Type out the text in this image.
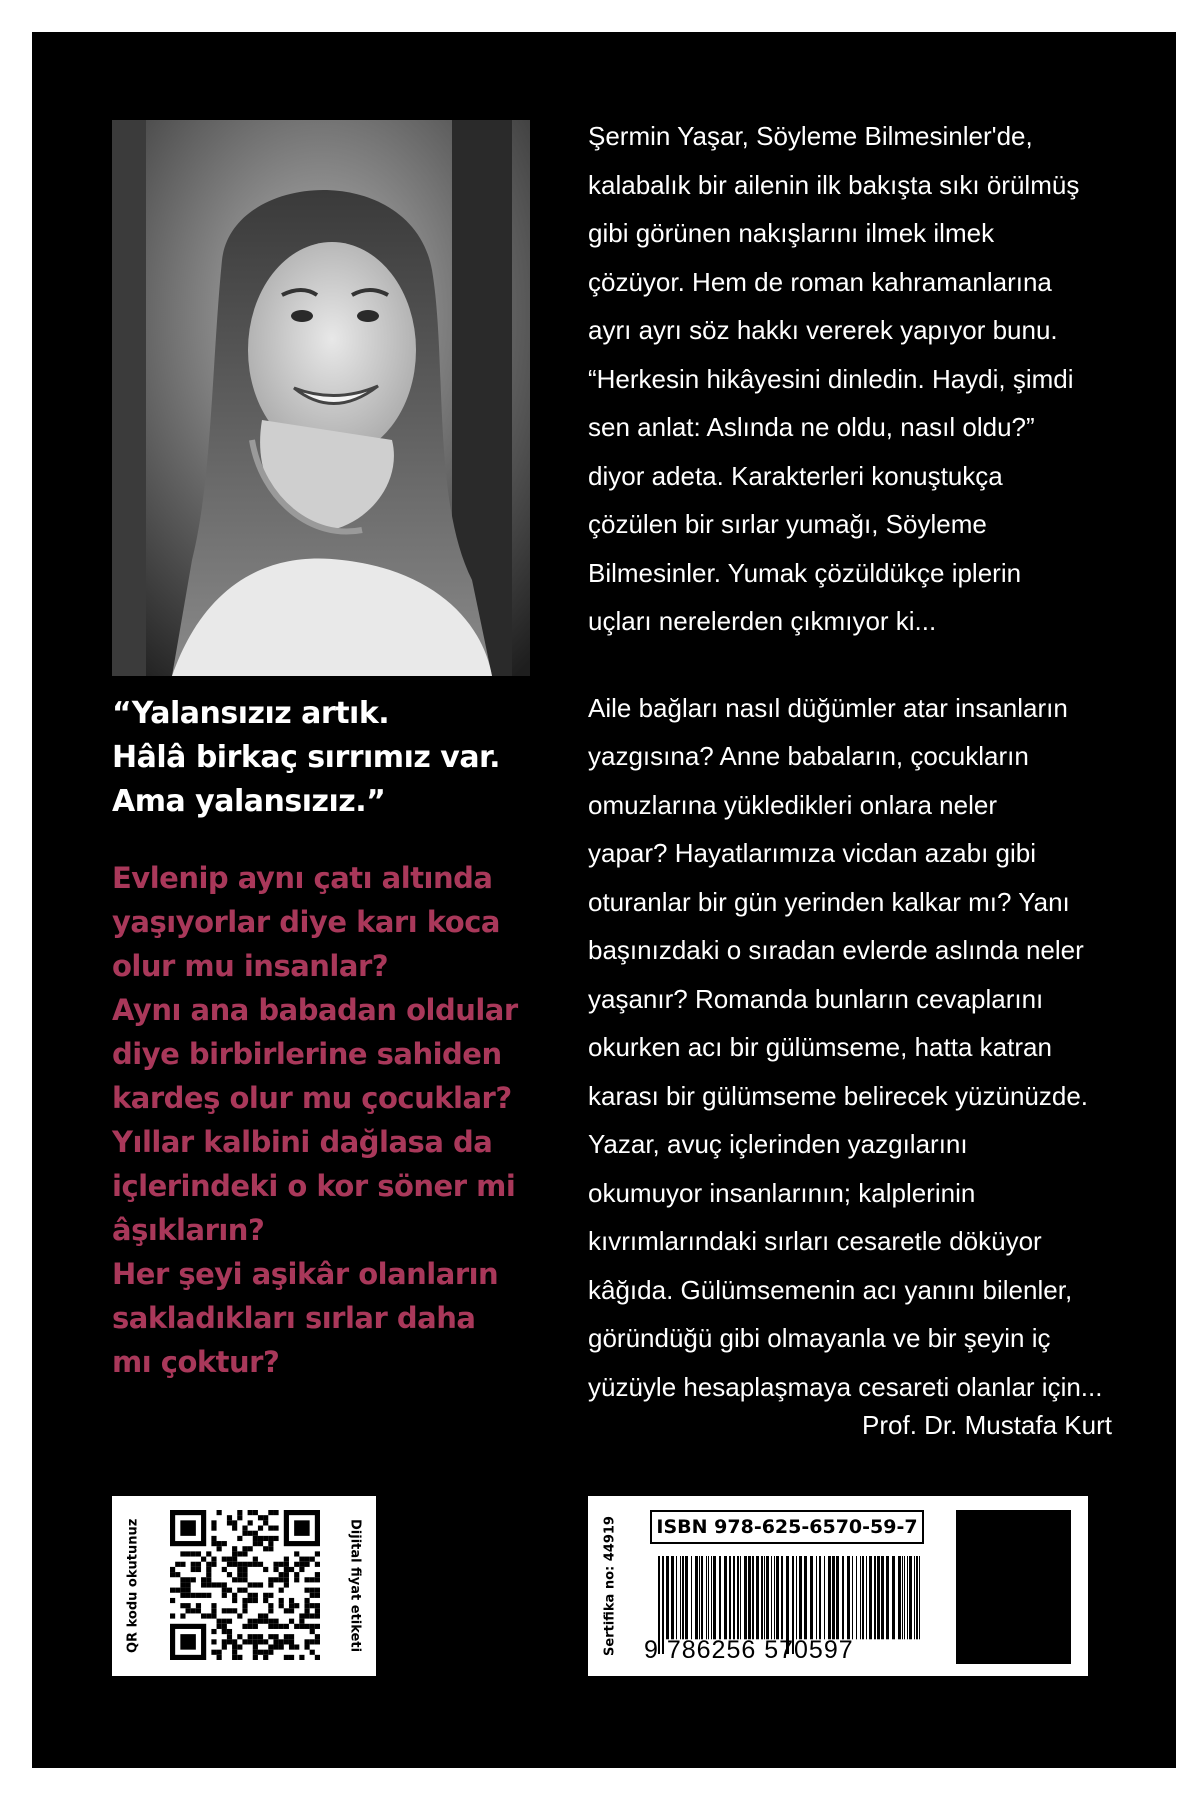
“Yalansızız artık.
Hâlâ birkaç sırrımız var.
Ama yalansızız.”
Evlenip aynı çatı altında
yaşıyorlar diye karı koca
olur mu insanlar?
Aynı ana babadan oldular
diye birbirlerine sahiden
kardeş olur mu çocuklar?
Yıllar kalbini dağlasa da
içlerindeki o kor söner mi
âşıkların?
Her şeyi aşikâr olanların
sakladıkları sırlar daha
mı çoktur?
Şermin Yaşar, Söyleme Bilmesinler'de,
kalabalık bir ailenin ilk bakışta sıkı örülmüş
gibi görünen nakışlarını ilmek ilmek
çözüyor. Hem de roman kahramanlarına
ayrı ayrı söz hakkı vererek yapıyor bunu.
“Herkesin hikâyesini dinledin. Haydi, şimdi
sen anlat: Aslında ne oldu, nasıl oldu?”
diyor adeta. Karakterleri konuştukça
çözülen bir sırlar yumağı, Söyleme
Bilmesinler. Yumak çözüldükçe iplerin
uçları nerelerden çıkmıyor ki...
Aile bağları nasıl düğümler atar insanların
yazgısına? Anne babaların, çocukların
omuzlarına yükledikleri onlara neler
yapar? Hayatlarımıza vicdan azabı gibi
oturanlar bir gün yerinden kalkar mı? Yanı
başınızdaki o sıradan evlerde aslında neler
yaşanır? Romanda bunların cevaplarını
okurken acı bir gülümseme, hatta katran
karası bir gülümseme belirecek yüzünüzde.
Yazar, avuç içlerinden yazgılarını
okumuyor insanlarının; kalplerinin
kıvrımlarındaki sırları cesaretle döküyor
kâğıda. Gülümsemenin acı yanını bilenler,
göründüğü gibi olmayanla ve bir şeyin iç
yüzüyle hesaplaşmaya cesareti olanlar için...
Prof. Dr. Mustafa Kurt
QR kodu okutunuz	Dijital fiyat etiketi	Sertifika no: 44919	ISBN 978-625-6570-59-7
9 786256 570597
